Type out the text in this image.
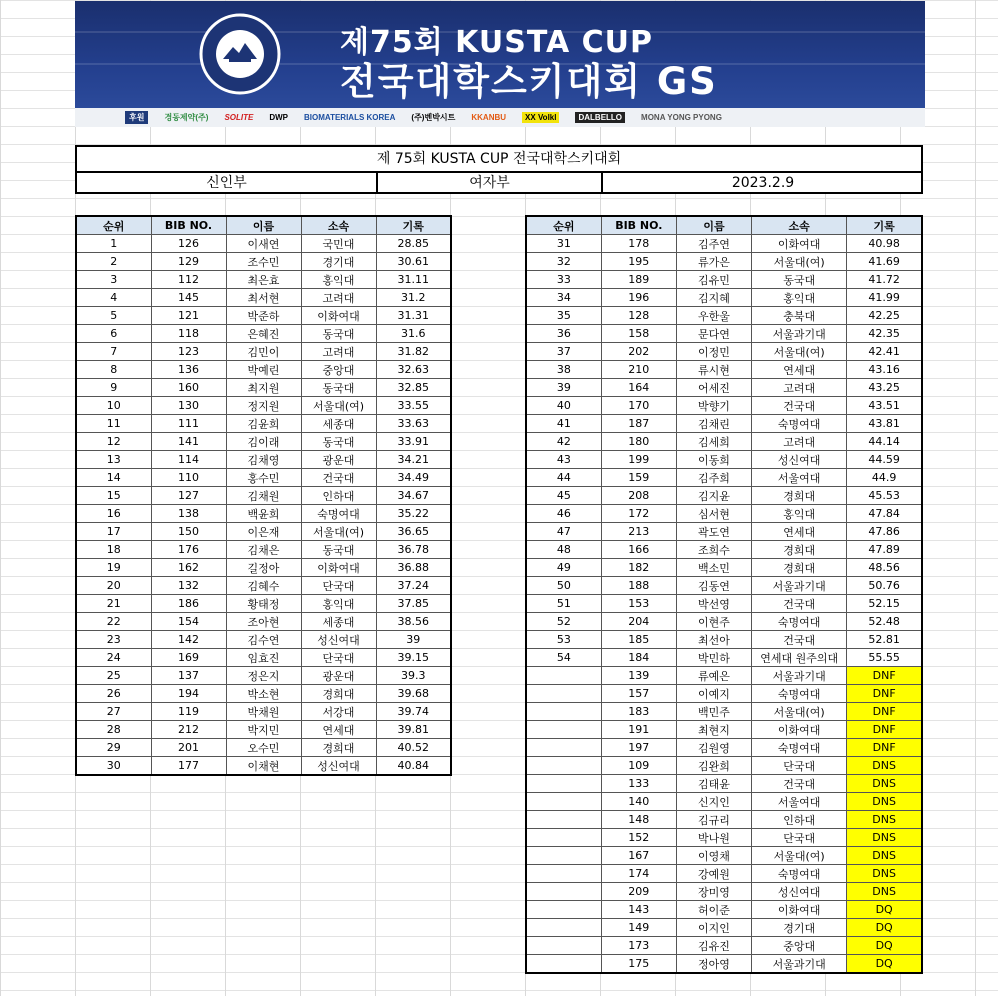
제75회 KUSTA CUP
전국대학스키대회 GS
후원	경동제약(주) SOLITE DWP BIOMATERIALS KOREA (주)벤박시트 KKANBU	XX Volkl	DALBELLO	MONA YONG PYONG
제 75회 KUSTA CUP 전국대학스키대회
신인부	여자부	2023.2.9
순위	BIB NO.	이름	소속	기록
1	126	이새연	국민대	28.85
2	129	조수민	경기대	30.61
3	112	최은효	홍익대	31.11
4	145	최서현	고려대	31.2
5	121	박준하	이화여대	31.31
6	118	은혜진	동국대	31.6
7	123	김민이	고려대	31.82
8	136	박예린	중앙대	32.63
9	160	최지원	동국대	32.85
10	130	정지원	서울대(여)	33.55
11	111	김윤희	세종대	33.63
12	141	김이래	동국대	33.91
13	114	김채영	광운대	34.21
14	110	홍수민	건국대	34.49
15	127	김채원	인하대	34.67
16	138	백윤희	숙명여대	35.22
17	150	이은재	서울대(여)	36.65
18	176	김채은	동국대	36.78
19	162	길정아	이화여대	36.88
20	132	김혜수	단국대	37.24
21	186	황태정	홍익대	37.85
22	154	조아현	세종대	38.56
23	142	김수연	성신여대	39
24	169	임효진	단국대	39.15
25	137	정은지	광운대	39.3
26	194	박소현	경희대	39.68
27	119	박채원	서강대	39.74
28	212	박지민	연세대	39.81
29	201	오수민	경희대	40.52
30	177	이채현	성신여대	40.84
순위	BIB NO.	이름	소속	기록
31	178	김주연	이화여대	40.98
32	195	류가은	서울대(여)	41.69
33	189	김유민	동국대	41.72
34	196	김지혜	홍익대	41.99
35	128	우한울	충북대	42.25
36	158	문다연	서울과기대	42.35
37	202	이정민	서울대(여)	42.41
38	210	류시현	연세대	43.16
39	164	어세진	고려대	43.25
40	170	박향기	건국대	43.51
41	187	김채린	숙명여대	43.81
42	180	김세희	고려대	44.14
43	199	이동희	성신여대	44.59
44	159	김주희	서울여대	44.9
45	208	김지윤	경희대	45.53
46	172	심서현	홍익대	47.84
47	213	곽도연	연세대	47.86
48	166	조희수	경희대	47.89
49	182	백소민	경희대	48.56
50	188	김동연	서울과기대	50.76
51	153	박선영	건국대	52.15
52	204	이현주	숙명여대	52.48
53	185	최선아	건국대	52.81
54	184	박민하	연세대 원주의대	55.55
	139	류예은	서울과기대	DNF
	157	이예지	숙명여대	DNF
	183	백민주	서울대(여)	DNF
	191	최현지	이화여대	DNF
	197	김원영	숙명여대	DNF
	109	김완희	단국대	DNS
	133	김태윤	건국대	DNS
	140	신지인	서울여대	DNS
	148	김규리	인하대	DNS
	152	박나원	단국대	DNS
	167	이영채	서울대(여)	DNS
	174	강예원	숙명여대	DNS
	209	장미영	성신여대	DNS
	143	허이준	이화여대	DQ
	149	이지인	경기대	DQ
	173	김유진	중앙대	DQ
	175	정아영	서울과기대	DQ
